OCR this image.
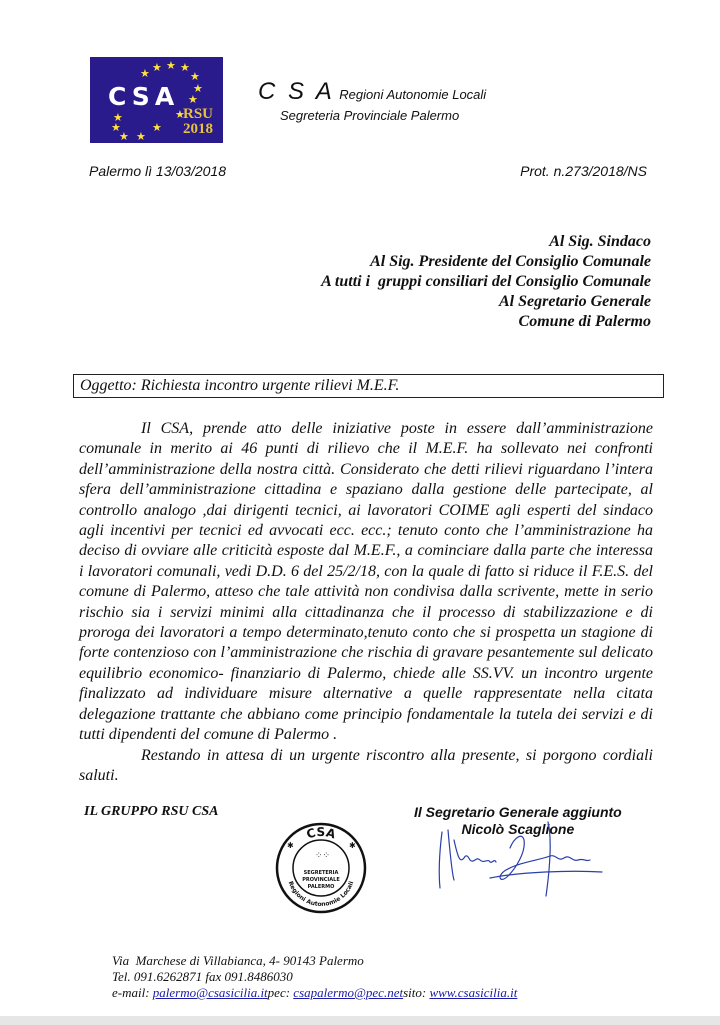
★ ★ ★
★	★
★
★
★
★
★	★
★ ★
CSA
RSU
2018
C S A Regioni Autonomie Locali
Segreteria Provinciale Palermo
Palermo lì 13/03/2018	Prot. n.273/2018/NS
Al Sig. Sindaco
Al Sig. Presidente del Consiglio Comunale
A tutti i  gruppi consiliari del Consiglio Comunale
Al Segretario Generale
Comune di Palermo
Oggetto: Richiesta incontro urgente rilievi M.E.F.

Il CSA, prende atto delle iniziative poste in essere dall’amministrazione comunale in merito ai 46 punti di rilievo che il M.E.F. ha sollevato nei confronti dell’amministrazione della nostra città. Considerato che detti rilievi riguardano l’intera sfera dell’amministrazione cittadina e spaziano dalla gestione delle partecipate, al controllo analogo ,dai dirigenti tecnici, ai lavoratori COIME agli esperti del sindaco agli incentivi per tecnici ed avvocati ecc. ecc.; tenuto conto che l’amministrazione ha deciso di ovviare alle criticità esposte dal M.E.F., a cominciare dalla parte che interessa i lavoratori comunali, vedi D.D. 6 del 25/2/18, con la quale di fatto si riduce il F.E.S. del comune di Palermo, atteso che tale attività non condivisa dalla scrivente, mette in serio rischio sia i servizi minimi alla cittadinanza che il processo di stabilizzazione e di proroga dei lavoratori a tempo determinato,tenuto conto che si prospetta un stagione di forte contenzioso con l’amministrazione che rischia di gravare pesantemente sul delicato equilibrio economico- finanziario di Palermo, chiede alle SS.VV. un incontro urgente finalizzato ad individuare misure alternative a quelle rappresentate nella citata delegazione trattante che abbiano come principio fondamentale la tutela dei servizi e di tutti dipendenti del comune di Palermo .

Restando in attesa di un urgente riscontro alla presente, si porgono cordiali saluti.

IL GRUPPO RSU CSA	Il Segretario Generale aggiunto
Nicolò Scaglione
CSA
✱	✱
⁘⁘
SEGRETERIA
PROVINCIALE
PALERMO
Regioni Autonomie Locali
Via  Marchese di Villabianca, 4- 90143 Palermo
Tel. 091.6262871 fax 091.8486030
e-mail: palermo@csasicilia.itpec: csapalermo@pec.netsito: www.csasicilia.it
